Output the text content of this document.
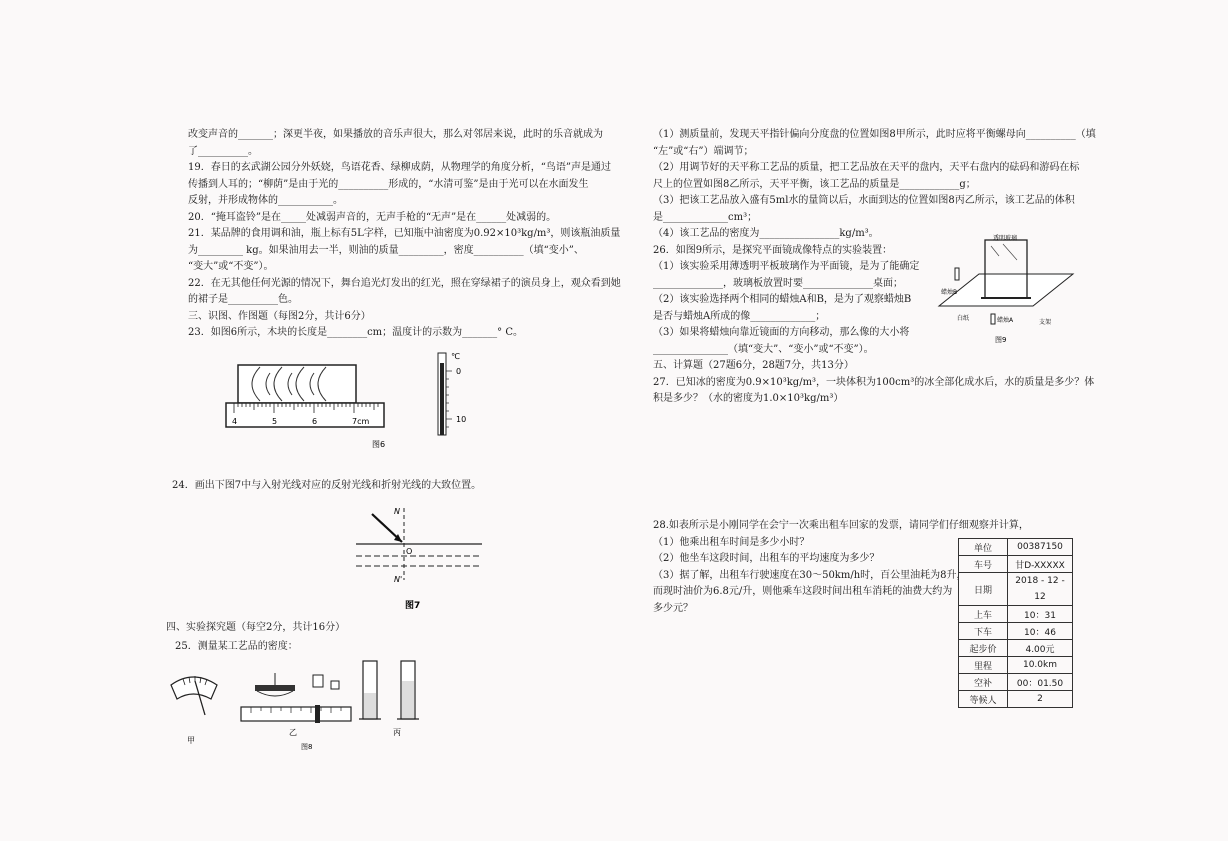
改变声音的_______；深更半夜，如果播放的音乐声很大，那么对邻居来说，此时的乐音就成为
了__________。
19．春日的玄武湖公园分外妖娆，鸟语花香、绿柳成荫，从物理学的角度分析，“鸟语”声是通过
传播到人耳的；“柳荫”是由于光的__________形成的，“水清可鉴”是由于光可以在水面发生
反射，并形成物体的___________。
20．“掩耳盗铃”是在_____处减弱声音的，无声手枪的“无声”是在______处减弱的。
21．某品牌的食用调和油，瓶上标有5L字样，已知瓶中油密度为0.92×10³kg/m³，则该瓶油质量
为_________ kg。如果油用去一半，则油的质量_________，密度__________（填“变小”、
“变大”或“不变”）。
22．在无其他任何光源的情况下，舞台追光灯发出的红光，照在穿绿裙子的演员身上，观众看到她
的裙子是__________色。
三、识图、作图题（每图2分，共计6分）
23．如图6所示，木块的长度是________cm；温度计的示数为_______° C。
4	5	6	7cm
℃
0
10
图6
24．画出下图7中与入射光线对应的反射光线和折射光线的大致位置。
N
N'
O
图7
四、实验探究题（每空2分，共计16分）
25．测量某工艺品的密度：
甲
乙	丙
图8
（1）测质量前，发现天平指针偏向分度盘的位置如图8甲所示，此时应将平衡螺母向__________（填
“左”或“右”）端调节；
（2）用调节好的天平称工艺品的质量，把工艺品放在天平的盘内，天平右盘内的砝码和游码在标
尺上的位置如图8乙所示，天平平衡，该工艺品的质量是____________g；
（3）把该工艺品放入盛有5ml水的量筒以后，水面到达的位置如图8丙乙所示，该工艺品的体积
是_____________cm³；
（4）该工艺品的密度为________________kg/m³。
26．如图9所示，是探究平面镜成像特点的实验装置：
（1）该实验采用薄透明平板玻璃作为平面镜，是为了能确定
______________，玻璃板放置时要______________桌面；
（2）该实验选择两个相同的蜡烛A和B，是为了观察蜡烛B
是否与蜡烛A所成的像_____________；
（3）如果将蜡烛向靠近镜面的方向移动，那么像的大小将
_______________（填“变大”、“变小”或“不变”）。
五、计算题（27题6分，28题7分，共13分）
27．已知冰的密度为0.9×10³kg/m³，一块体积为100cm³的冰全部化成水后，水的质量是多少？体
积是多少？（水的密度为1.0×10³kg/m³）
透明玻璃
蜡烛B
蜡烛A
白纸
支架
图9
28.如表所示是小刚同学在会宁一次乘出租车回家的发票，请同学们仔细观察并计算，
（1）他乘出租车时间是多少小时？
（2）他坐车这段时间，出租车的平均速度为多少？
（3）据了解，出租车行驶速度在30～50km/h时，百公里油耗为8升，
而现时油价为6.8元/升，则他乘车这段时间出租车消耗的油费大约为
多少元？
单位	00387150
车号	甘D-XXXXX
日期	2018 - 12 -
	12
上车	10：31
下车	10：46
起步价	4.00元
里程	10.0km
空补	00：01.50
等候人	2
